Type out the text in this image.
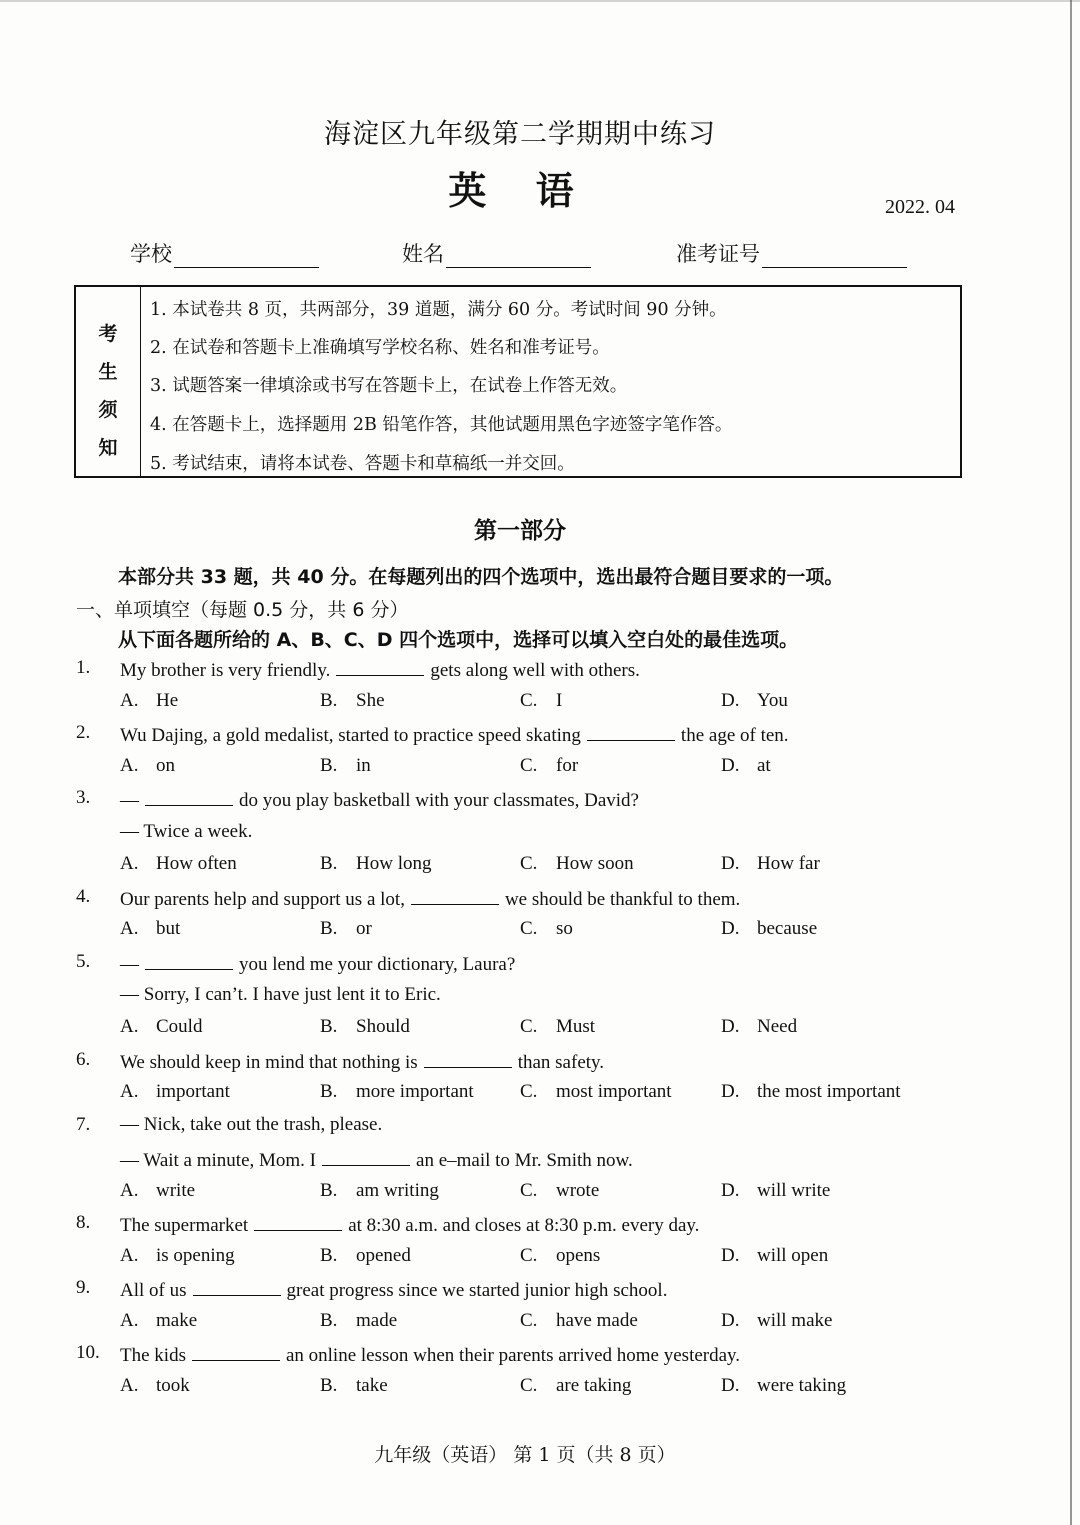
海淀区九年级第二学期期中练习
英 语	2022. 04
学校	姓名	准考证号
考
生
须
知
1. 本试卷共 8 页，共两部分，39 道题，满分 60 分。考试时间 90 分钟。
2. 在试卷和答题卡上准确填写学校名称、姓名和准考证号。
3. 试题答案一律填涂或书写在答题卡上，在试卷上作答无效。
4. 在答题卡上，选择题用 2B 铅笔作答，其他试题用黑色字迹签字笔作答。
5. 考试结束，请将本试卷、答题卡和草稿纸一并交回。
第一部分
本部分共 33 题，共 40 分。在每题列出的四个选项中，选出最符合题目要求的一项。
一、单项填空（每题 0.5 分，共 6 分）
从下面各题所给的 A、B、C、D 四个选项中，选择可以填入空白处的最佳选项。
1. My brother is very friendly.	gets along well with others.
A. He	B. She	C. I	D. You
2. Wu Dajing, a gold medalist, started to practice speed skating	the age of ten.
A. on	B. in	C. for	D. at
3. —	do you play basketball with your classmates, David?
— Twice a week.
A. How often	B. How long	C. How soon	D. How far
4. Our parents help and support us a lot,	we should be thankful to them.
A. but	B. or	C. so	D. because
5. —	you lend me your dictionary, Laura?
— Sorry, I can’t. I have just lent it to Eric.
A. Could	B. Should	C. Must	D. Need
6. We should keep in mind that nothing is	than safety.
A. important	B. more important C. most important	D. the most important
7. — Nick, take out the trash, please.
— Wait a minute, Mom. I	an e–mail to Mr. Smith now.
A. write	B. am writing	C. wrote	D. will write
8. The supermarket	at 8:30 a.m. and closes at 8:30 p.m. every day.
A. is opening	B. opened	C. opens	D. will open
9. All of us	great progress since we started junior high school.
A. make	B. made	C. have made	D. will make
10. The kids	an online lesson when their parents arrived home yesterday.
A. took	B. take	C. are taking	D. were taking
九年级（英语） 第 1 页（共 8 页）
